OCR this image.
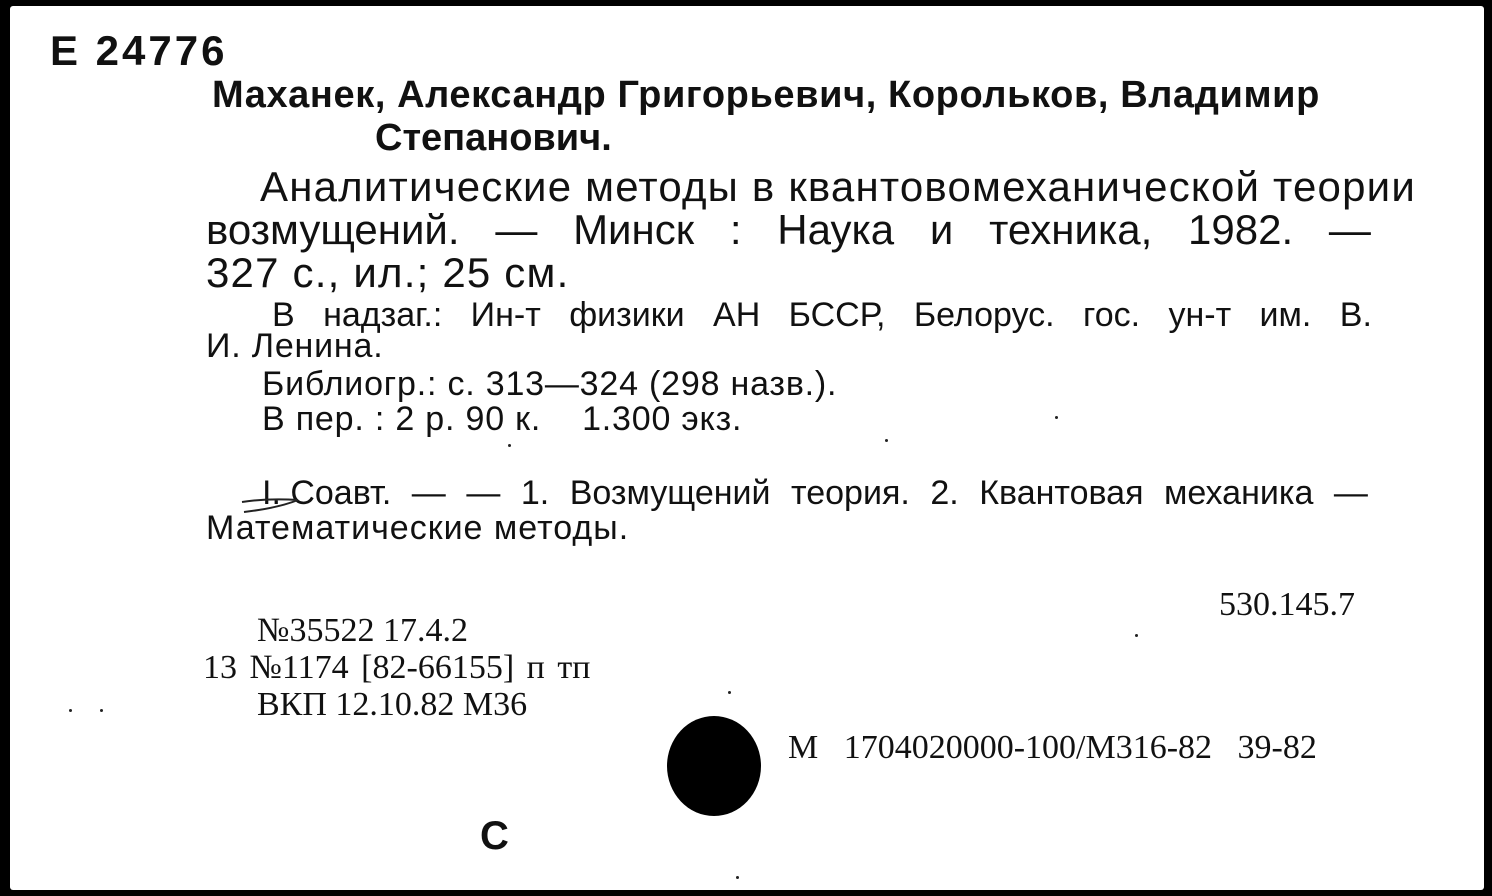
Е 24776
Маханек, Александр Григорьевич, Корольков, Владимир
Степанович.
Аналитические методы в квантовомеханической теории
возмущений. — Минск : Наука и техника, 1982. —
327 с., ил.; 25 см.
В надзаг.: Ин-т физики АН БССР, Белорус. гос. ун-т им. В.
И. Ленина.
Библиогр.: с. 313—324 (298 назв.).
В пер. : 2 р. 90 к.    1.300 экз.
I. Соавт. — — 1. Возмущений теория. 2. Квантовая механика —
Математические методы.
530.145.7
№35522 17.4.2
13 №1174 [82-66155] п тп
ВКП 12.10.82 М36
М   1704020000-100/М316-82   39-82
С
